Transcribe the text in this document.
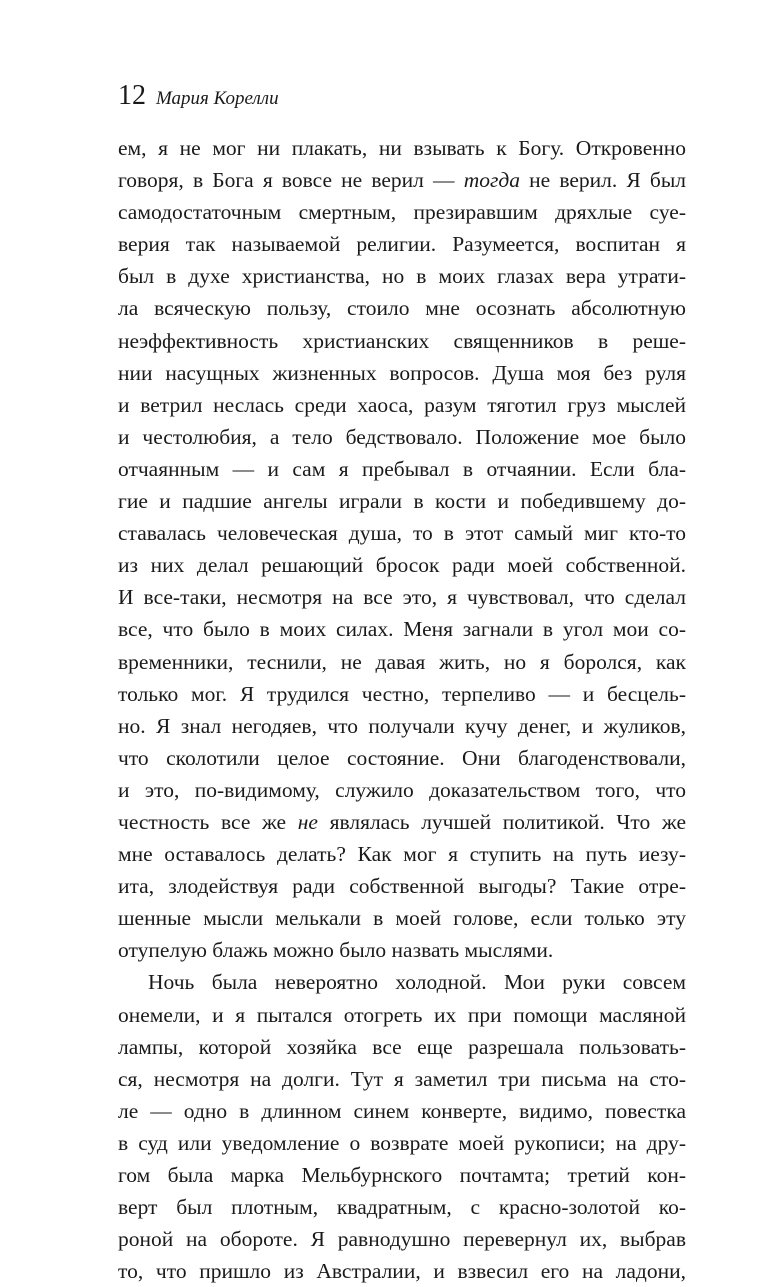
12 Мария Корелли
ем, я не мог ни плакать, ни взывать к Богу. Откровенно
говоря, в Бога я вовсе не верил — тогда не верил. Я был
самодостаточным смертным, презиравшим дряхлые суе-
верия так называемой религии. Разумеется, воспитан я
был в духе христианства, но в моих глазах вера утрати-
ла всяческую пользу, стоило мне осознать абсолютную
неэффективность христианских священников в реше-
нии насущных жизненных вопросов. Душа моя без руля
и ветрил неслась среди хаоса, разум тяготил груз мыслей
и честолюбия, а тело бедствовало. Положение мое было
отчаянным — и сам я пребывал в отчаянии. Если бла-
гие и падшие ангелы играли в кости и победившему до-
ставалась человеческая душа, то в этот самый миг кто-то
из них делал решающий бросок ради моей собственной.
И все-таки, несмотря на все это, я чувствовал, что сделал
все, что было в моих силах. Меня загнали в угол мои со-
временники, теснили, не давая жить, но я боролся, как
только мог. Я трудился честно, терпеливо — и бесцель-
но. Я знал негодяев, что получали кучу денег, и жуликов,
что сколотили целое состояние. Они благоденствовали,
и это, по-видимому, служило доказательством того, что
честность все же не являлась лучшей политикой. Что же
мне оставалось делать? Как мог я ступить на путь иезу-
ита, злодействуя ради собственной выгоды? Такие отре-
шенные мысли мелькали в моей голове, если только эту
отупелую блажь можно было назвать мыслями.
Ночь была невероятно холодной. Мои руки совсем
онемели, и я пытался отогреть их при помощи масляной
лампы, которой хозяйка все еще разрешала пользовать-
ся, несмотря на долги. Тут я заметил три письма на сто-
ле — одно в длинном синем конверте, видимо, повестка
в суд или уведомление о возврате моей рукописи; на дру-
гом была марка Мельбурнского почтамта; третий кон-
верт был плотным, квадратным, с красно-золотой ко-
роной на обороте. Я равнодушно перевернул их, выбрав
то, что пришло из Австралии, и взвесил его на ладони,
